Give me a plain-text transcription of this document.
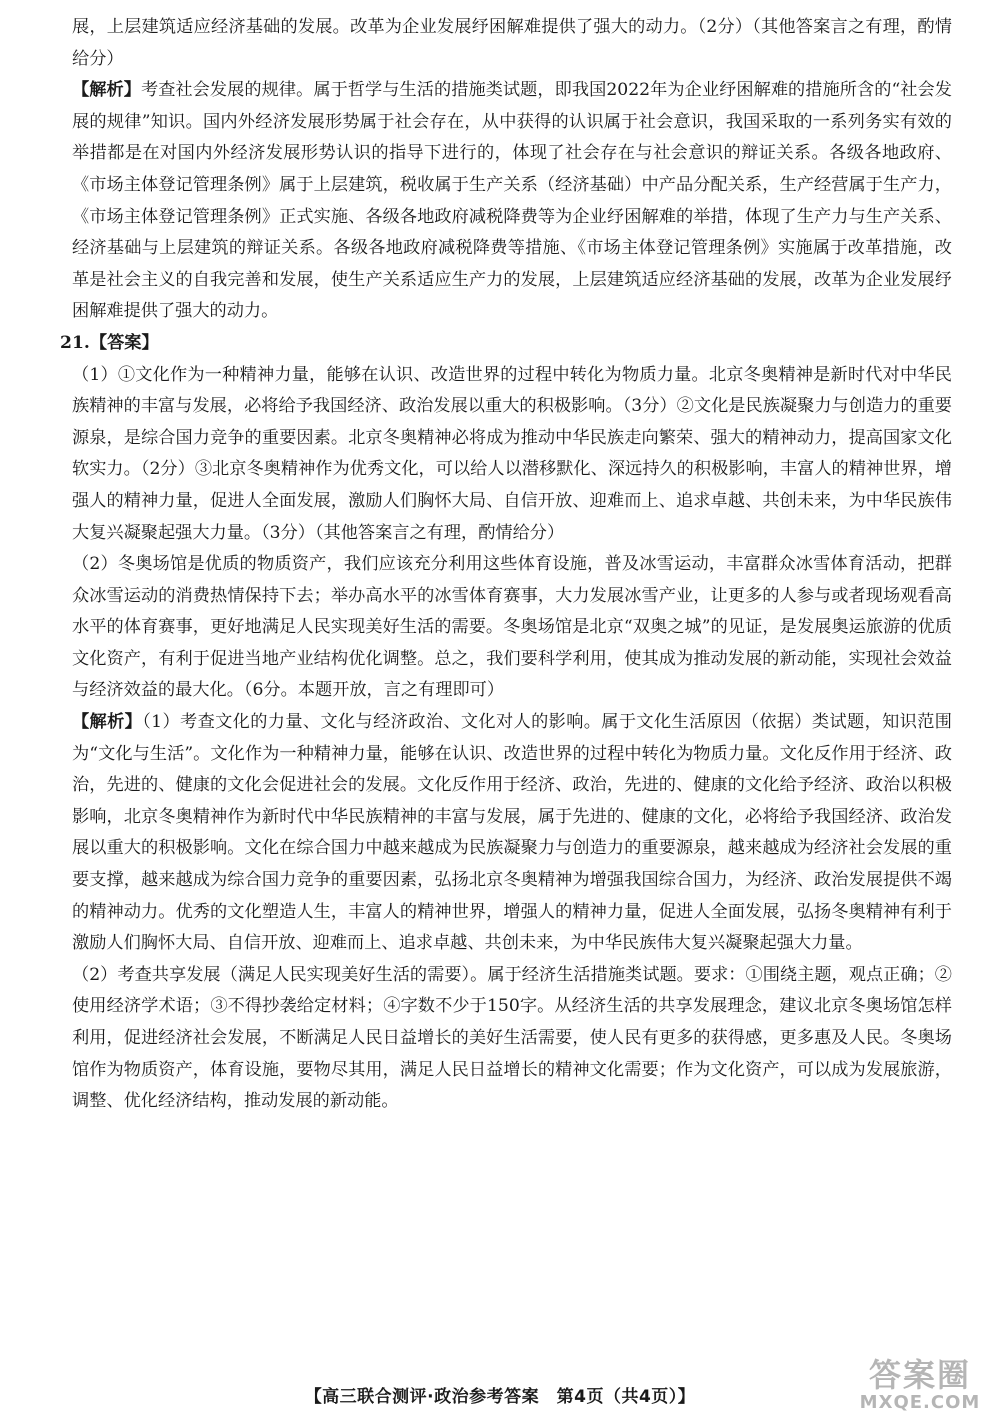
展，上层建筑适应经济基础的发展。改革为企业发展纾困解难提供了强大的动力。（2分）（其他答案言之有理，酌情给分）

【解析】考查社会发展的规律。属于哲学与生活的措施类试题，即我国2022年为企业纾困解难的措施所含的“社会发展的规律”知识。国内外经济发展形势属于社会存在，从中获得的认识属于社会意识，我国采取的一系列务实有效的举措都是在对国内外经济发展形势认识的指导下进行的，体现了社会存在与社会意识的辩证关系。各级各地政府、《市场主体登记管理条例》属于上层建筑，税收属于生产关系（经济基础）中产品分配关系，生产经营属于生产力，《市场主体登记管理条例》正式实施、各级各地政府减税降费等为企业纾困解难的举措，体现了生产力与生产关系、经济基础与上层建筑的辩证关系。各级各地政府减税降费等措施、《市场主体登记管理条例》实施属于改革措施，改革是社会主义的自我完善和发展，使生产关系适应生产力的发展，上层建筑适应经济基础的发展，改革为企业发展纾困解难提供了强大的动力。

21.【答案】

（1）①文化作为一种精神力量，能够在认识、改造世界的过程中转化为物质力量。北京冬奥精神是新时代对中华民族精神的丰富与发展，必将给予我国经济、政治发展以重大的积极影响。（3分）②文化是民族凝聚力与创造力的重要源泉，是综合国力竞争的重要因素。北京冬奥精神必将成为推动中华民族走向繁荣、强大的精神动力，提高国家文化软实力。（2分）③北京冬奥精神作为优秀文化，可以给人以潜移默化、深远持久的积极影响，丰富人的精神世界，增强人的精神力量，促进人全面发展，激励人们胸怀大局、自信开放、迎难而上、追求卓越、共创未来，为中华民族伟大复兴凝聚起强大力量。（3分）（其他答案言之有理，酌情给分）

（2）冬奥场馆是优质的物质资产，我们应该充分利用这些体育设施，普及冰雪运动，丰富群众冰雪体育活动，把群众冰雪运动的消费热情保持下去；举办高水平的冰雪体育赛事，大力发展冰雪产业，让更多的人参与或者现场观看高水平的体育赛事，更好地满足人民实现美好生活的需要。冬奥场馆是北京“双奥之城”的见证，是发展奥运旅游的优质文化资产，有利于促进当地产业结构优化调整。总之，我们要科学利用，使其成为推动发展的新动能，实现社会效益与经济效益的最大化。（6分。本题开放，言之有理即可）

【解析】（1）考查文化的力量、文化与经济政治、文化对人的影响。属于文化生活原因（依据）类试题，知识范围为“文化与生活”。文化作为一种精神力量，能够在认识、改造世界的过程中转化为物质力量。文化反作用于经济、政治，先进的、健康的文化会促进社会的发展。文化反作用于经济、政治，先进的、健康的文化给予经济、政治以积极影响，北京冬奥精神作为新时代中华民族精神的丰富与发展，属于先进的、健康的文化，必将给予我国经济、政治发展以重大的积极影响。文化在综合国力中越来越成为民族凝聚力与创造力的重要源泉，越来越成为经济社会发展的重要支撑，越来越成为综合国力竞争的重要因素，弘扬北京冬奥精神为增强我国综合国力，为经济、政治发展提供不竭的精神动力。优秀的文化塑造人生，丰富人的精神世界，增强人的精神力量，促进人全面发展，弘扬冬奥精神有利于激励人们胸怀大局、自信开放、迎难而上、追求卓越、共创未来，为中华民族伟大复兴凝聚起强大力量。

（2）考查共享发展（满足人民实现美好生活的需要）。属于经济生活措施类试题。要求：①围绕主题，观点正确；②使用经济学术语；③不得抄袭给定材料；④字数不少于150字。从经济生活的共享发展理念，建议北京冬奥场馆怎样利用，促进经济社会发展，不断满足人民日益增长的美好生活需要，使人民有更多的获得感，更多惠及人民。冬奥场馆作为物质资产，体育设施，要物尽其用，满足人民日益增长的精神文化需要；作为文化资产，可以成为发展旅游，调整、优化经济结构，推动发展的新动能。

【高三联合测评·政治参考答案　第4页（共4页）】
答案圈
MXQE.COM
